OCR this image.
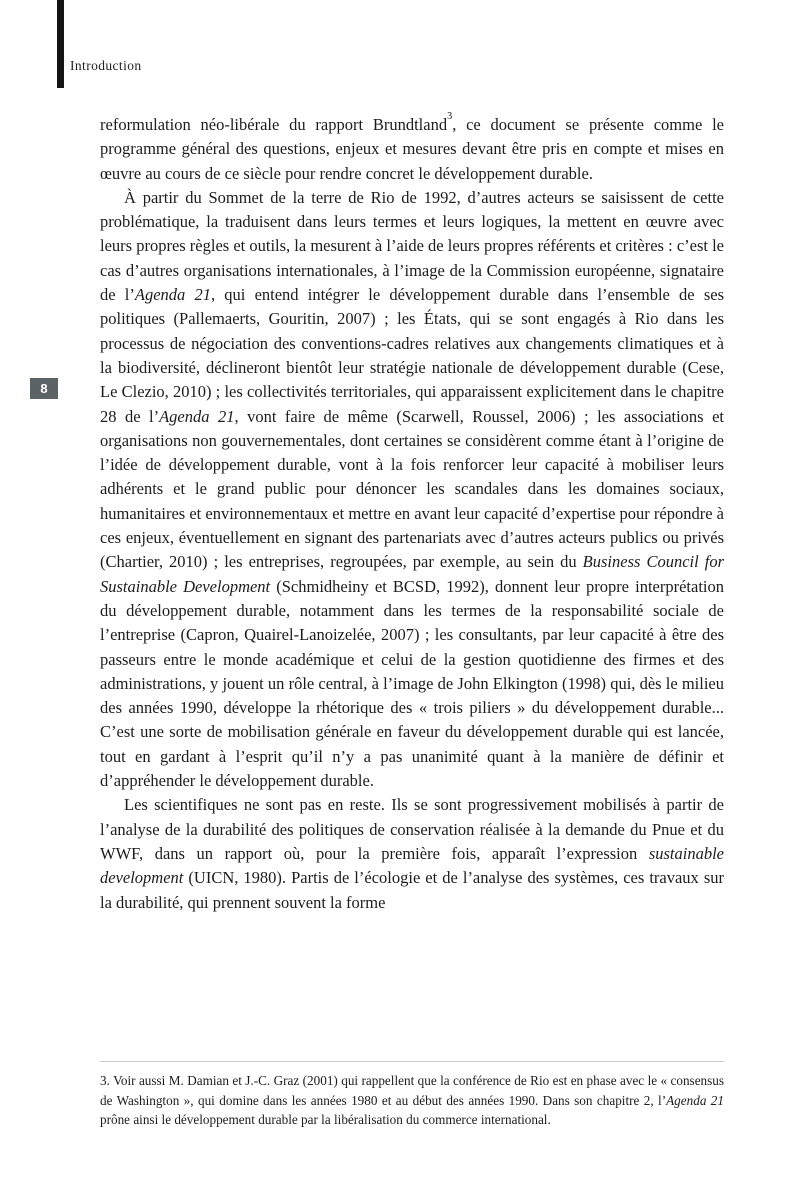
Introduction
8

reformulation néo-libérale du rapport Brundtland$^3$, ce document se présente comme le programme général des questions, enjeux et mesures devant être pris en compte et mises en œuvre au cours de ce siècle pour rendre concret le développement durable.

À partir du Sommet de la terre de Rio de 1992, d’autres acteurs se saisissent de cette problématique, la traduisent dans leurs termes et leurs logiques, la mettent en œuvre avec leurs propres règles et outils, la mesurent à l’aide de leurs propres référents et critères : c’est le cas d’autres organisations internationales, à l’image de la Commission européenne, signataire de l’Agenda 21, qui entend intégrer le développement durable dans l’ensemble de ses politiques (Pallemaerts, Gouritin, 2007) ; les États, qui se sont engagés à Rio dans les processus de négociation des conventions-cadres relatives aux changements climatiques et à la biodiversité, déclineront bientôt leur stratégie nationale de développement durable (Cese, Le Clezio, 2010) ; les collectivités territoriales, qui apparaissent explicitement dans le chapitre 28 de l’Agenda 21, vont faire de même (Scarwell, Roussel, 2006) ; les associations et organisations non gouvernementales, dont certaines se considèrent comme étant à l’origine de l’idée de développement durable, vont à la fois renforcer leur capacité à mobiliser leurs adhérents et le grand public pour dénoncer les scandales dans les domaines sociaux, humanitaires et environnementaux et mettre en avant leur capacité d’expertise pour répondre à ces enjeux, éventuellement en signant des partenariats avec d’autres acteurs publics ou privés (Chartier, 2010) ; les entreprises, regroupées, par exemple, au sein du Business Council for Sustainable Development (Schmidheiny et BCSD, 1992), donnent leur propre interprétation du développement durable, notamment dans les termes de la responsabilité sociale de l’entreprise (Capron, Quairel-Lanoizelée, 2007) ; les consultants, par leur capacité à être des passeurs entre le monde académique et celui de la gestion quotidienne des firmes et des administrations, y jouent un rôle central, à l’image de John Elkington (1998) qui, dès le milieu des années 1990, développe la rhétorique des « trois piliers » du développement durable... C’est une sorte de mobilisation générale en faveur du développement durable qui est lancée, tout en gardant à l’esprit qu’il n’y a pas unanimité quant à la manière de définir et d’appréhender le développement durable.

Les scientifiques ne sont pas en reste. Ils se sont progressivement mobilisés à partir de l’analyse de la durabilité des politiques de conservation réalisée à la demande du Pnue et du WWF, dans un rapport où, pour la première fois, apparaît l’expression sustainable development (UICN, 1980). Partis de l’écologie et de l’analyse des systèmes, ces travaux sur la durabilité, qui prennent souvent la forme

3. Voir aussi M. Damian et J.-C. Graz (2001) qui rappellent que la conférence de Rio est en phase avec le « consensus de Washington », qui domine dans les années 1980 et au début des années 1990. Dans son chapitre 2, l’Agenda 21 prône ainsi le développement durable par la libéralisation du commerce international.
